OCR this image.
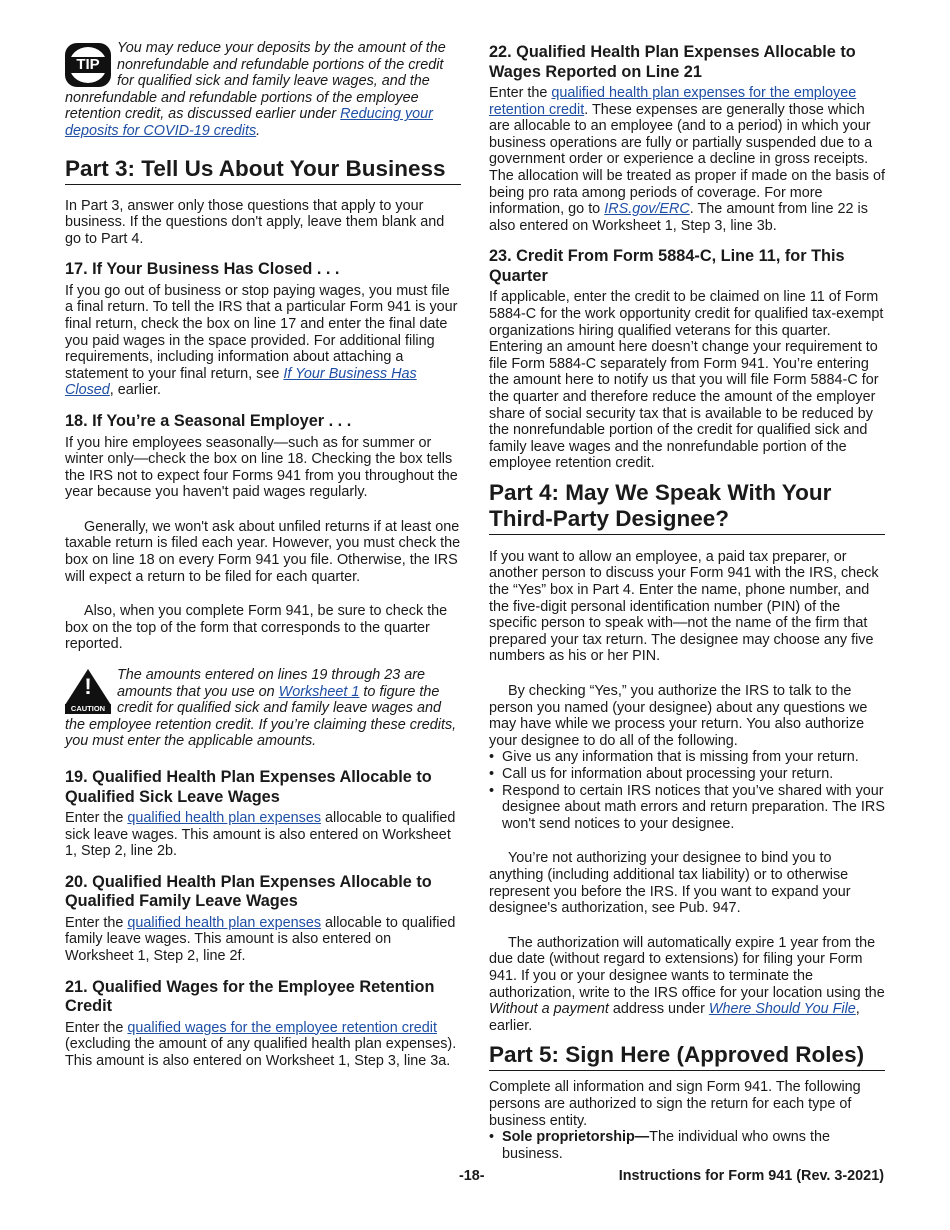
TIP
You may reduce your deposits by the amount of the nonrefundable and refundable portions of the credit for qualified sick and family leave wages, and the nonrefundable and refundable portions of the employee retention credit, as discussed earlier under Reducing your deposits for COVID-19 credits.
Part 3: Tell Us About Your Business

In Part 3, answer only those questions that apply to your business. If the questions don't apply, leave them blank and go to Part 4.

17. If Your Business Has Closed . . .

If you go out of business or stop paying wages, you must file a final return. To tell the IRS that a particular Form 941 is your final return, check the box on line 17 and enter the final date you paid wages in the space provided. For additional filing requirements, including information about attaching a statement to your final return, see If Your Business Has Closed, earlier.

18. If You’re a Seasonal Employer . . .

If you hire employees seasonally—such as for summer or winter only—check the box on line 18. Checking the box tells the IRS not to expect four Forms 941 from you throughout the year because you haven't paid wages regularly.

Generally, we won't ask about unfiled returns if at least one taxable return is filed each year. However, you must check the box on line 18 on every Form 941 you file. Otherwise, the IRS will expect a return to be filed for each quarter.

Also, when you complete Form 941, be sure to check the box on the top of the form that corresponds to the quarter reported.

!
CAUTION
The amounts entered on lines 19 through 23 are amounts that you use on Worksheet 1 to figure the credit for qualified sick and family leave wages and the employee retention credit. If you’re claiming these credits, you must enter the applicable amounts.
19. Qualified Health Plan Expenses Allocable to Qualified Sick Leave Wages

Enter the qualified health plan expenses allocable to qualified sick leave wages. This amount is also entered on Worksheet 1, Step 2, line 2b.

20. Qualified Health Plan Expenses Allocable to Qualified Family Leave Wages

Enter the qualified health plan expenses allocable to qualified family leave wages. This amount is also entered on Worksheet 1, Step 2, line 2f.

21. Qualified Wages for the Employee Retention Credit

Enter the qualified wages for the employee retention credit (excluding the amount of any qualified health plan expenses). This amount is also entered on Worksheet 1, Step 3, line 3a.

22. Qualified Health Plan Expenses Allocable to Wages Reported on Line 21

Enter the qualified health plan expenses for the employee retention credit. These expenses are generally those which are allocable to an employee (and to a period) in which your business operations are fully or partially suspended due to a government order or experience a decline in gross receipts. The allocation will be treated as proper if made on the basis of being pro rata among periods of coverage. For more information, go to IRS.gov/ERC. The amount from line 22 is also entered on Worksheet 1, Step 3, line 3b.

23. Credit From Form 5884-C, Line 11, for This Quarter

If applicable, enter the credit to be claimed on line 11 of Form 5884-C for the work opportunity credit for qualified tax-exempt organizations hiring qualified veterans for this quarter. Entering an amount here doesn’t change your requirement to file Form 5884-C separately from Form 941. You’re entering the amount here to notify us that you will file Form 5884-C for the quarter and therefore reduce the amount of the employer share of social security tax that is available to be reduced by the nonrefundable portion of the credit for qualified sick and family leave wages and the nonrefundable portion of the employee retention credit.

Part 4: May We Speak With Your Third-Party Designee?

If you want to allow an employee, a paid tax preparer, or another person to discuss your Form 941 with the IRS, check the “Yes” box in Part 4. Enter the name, phone number, and the five-digit personal identification number (PIN) of the specific person to speak with—not the name of the firm that prepared your tax return. The designee may choose any five numbers as his or her PIN.

By checking “Yes,” you authorize the IRS to talk to the person you named (your designee) about any questions we may have while we process your return. You also authorize your designee to do all of the following.

•  Give us any information that is missing from your return.

•  Call us for information about processing your return.

•  Respond to certain IRS notices that you’ve shared with your designee about math errors and return preparation. The IRS won't send notices to your designee.

You’re not authorizing your designee to bind you to anything (including additional tax liability) or to otherwise represent you before the IRS. If you want to expand your designee's authorization, see Pub. 947.

The authorization will automatically expire 1 year from the due date (without regard to extensions) for filing your Form 941. If you or your designee wants to terminate the authorization, write to the IRS office for your location using the Without a payment address under Where Should You File, earlier.

Part 5: Sign Here (Approved Roles)

Complete all information and sign Form 941. The following persons are authorized to sign the return for each type of business entity.

•  Sole proprietorship—The individual who owns the business.

-18-	Instructions for Form 941 (Rev. 3-2021)
